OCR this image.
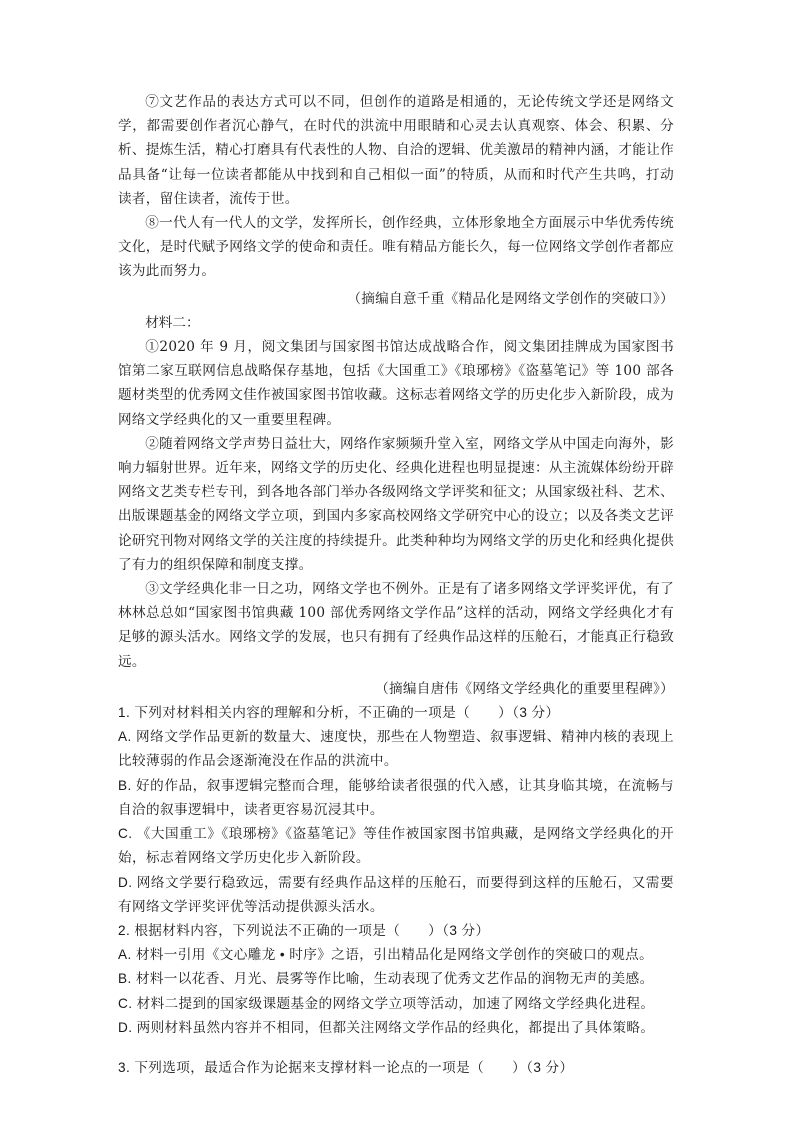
⑦文艺作品的表达方式可以不同，但创作的道路是相通的，无论传统文学还是网络文学，都需要创作者沉心静气，在时代的洪流中用眼睛和心灵去认真观察、体会、积累、分析、提炼生活，精心打磨具有代表性的人物、自洽的逻辑、优美激昂的精神内涵，才能让作品具备“让每一位读者都能从中找到和自己相似一面”的特质，从而和时代产生共鸣，打动读者，留住读者，流传于世。

⑧一代人有一代人的文学，发挥所长，创作经典，立体形象地全方面展示中华优秀传统文化，是时代赋予网络文学的使命和责任。唯有精品方能长久，每一位网络文学创作者都应该为此而努力。

（摘编自意千重《精品化是网络文学创作的突破口》）

材料二：

①2020 年 9 月，阅文集团与国家图书馆达成战略合作，阅文集团挂牌成为国家图书馆第二家互联网信息战略保存基地，包括《大国重工》《琅琊榜》《盗墓笔记》等 100 部各题材类型的优秀网文佳作被国家图书馆收藏。这标志着网络文学的历史化步入新阶段，成为网络文学经典化的又一重要里程碑。

②随着网络文学声势日益壮大，网络作家频频升堂入室，网络文学从中国走向海外，影响力辐射世界。近年来，网络文学的历史化、经典化进程也明显提速：从主流媒体纷纷开辟网络文艺类专栏专刊，到各地各部门举办各级网络文学评奖和征文；从国家级社科、艺术、出版课题基金的网络文学立项，到国内多家高校网络文学研究中心的设立；以及各类文艺评论研究刊物对网络文学的关注度的持续提升。此类种种均为网络文学的历史化和经典化提供了有力的组织保障和制度支撑。

③文学经典化非一日之功，网络文学也不例外。正是有了诸多网络文学评奖评优，有了林林总总如“国家图书馆典藏 100 部优秀网络文学作品”这样的活动，网络文学经典化才有足够的源头活水。网络文学的发展，也只有拥有了经典作品这样的压舱石，才能真正行稳致远。

（摘编自唐伟《网络文学经典化的重要里程碑》）

1. 下列对材料相关内容的理解和分析，不正确的一项是（　　）（3 分）

A. 网络文学作品更新的数量大、速度快，那些在人物塑造、叙事逻辑、精神内核的表现上比较薄弱的作品会逐渐淹没在作品的洪流中。

B. 好的作品，叙事逻辑完整而合理，能够给读者很强的代入感，让其身临其境，在流畅与自洽的叙事逻辑中，读者更容易沉浸其中。

C. 《大国重工》《琅琊榜》《盗墓笔记》等佳作被国家图书馆典藏，是网络文学经典化的开始，标志着网络文学历史化步入新阶段。

D. 网络文学要行稳致远，需要有经典作品这样的压舱石，而要得到这样的压舱石，又需要有网络文学评奖评优等活动提供源头活水。

2. 根据材料内容，下列说法不正确的一项是（　　）（3 分）

A. 材料一引用《文心雕龙 • 时序》之语，引出精品化是网络文学创作的突破口的观点。

B. 材料一以花香、月光、晨雾等作比喻，生动表现了优秀文艺作品的润物无声的美感。

C. 材料二提到的国家级课题基金的网络文学立项等活动，加速了网络文学经典化进程。

D. 两则材料虽然内容并不相同，但都关注网络文学作品的经典化，都提出了具体策略。

3. 下列选项，最适合作为论据来支撑材料一论点的一项是（　　）（3 分）
